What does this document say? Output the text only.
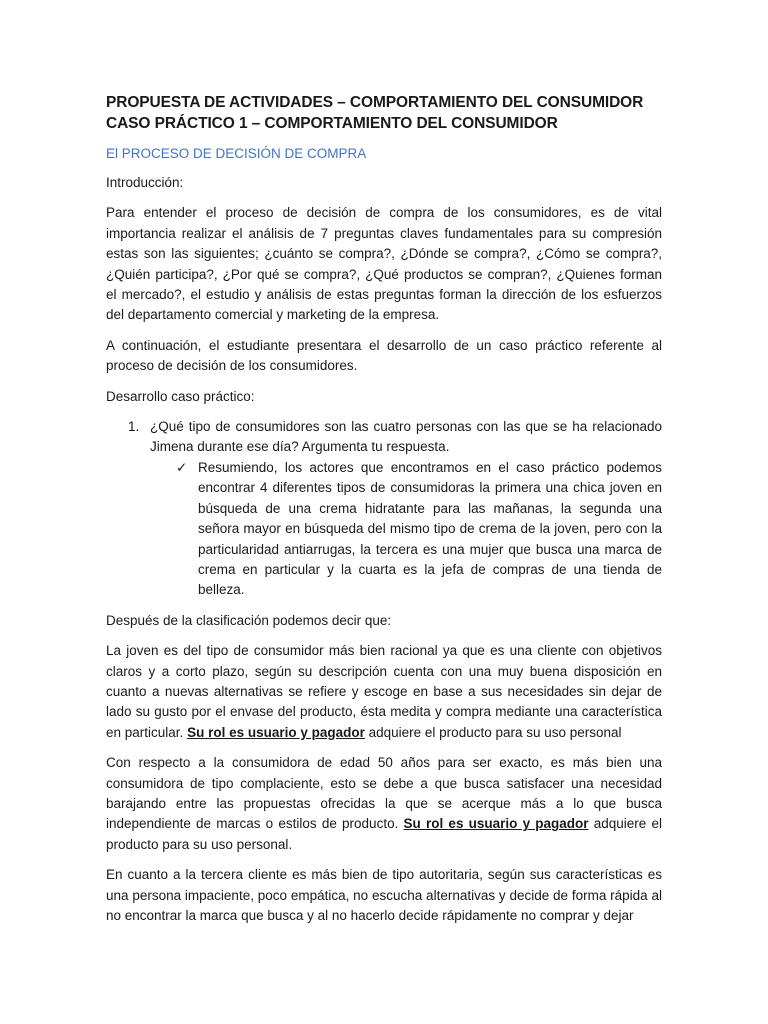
PROPUESTA DE ACTIVIDADES – COMPORTAMIENTO DEL CONSUMIDOR
CASO PRÁCTICO 1 – COMPORTAMIENTO DEL CONSUMIDOR
El PROCESO DE DECISIÓN DE COMPRA

Introducción:

Para entender el proceso de decisión de compra de los consumidores, es de vital importancia realizar el análisis de 7 preguntas claves fundamentales para su compresión estas son las siguientes; ¿cuánto se compra?, ¿Dónde se compra?, ¿Cómo se compra?, ¿Quién participa?, ¿Por qué se compra?, ¿Qué productos se compran?, ¿Quienes forman el mercado?, el estudio y análisis de estas preguntas forman la dirección de los esfuerzos del departamento comercial y marketing de la empresa.

A continuación, el estudiante presentara el desarrollo de un caso práctico referente al proceso de decisión de los consumidores.

Desarrollo caso práctico:

1. ¿Qué tipo de consumidores son las cuatro personas con las que se ha relacionado Jimena durante ese día? Argumenta tu respuesta.
✓ Resumiendo, los actores que encontramos en el caso práctico podemos encontrar 4 diferentes tipos de consumidoras la primera una chica joven en búsqueda de una crema hidratante para las mañanas, la segunda una señora mayor en búsqueda del mismo tipo de crema de la joven, pero con la particularidad antiarrugas, la tercera es una mujer que busca una marca de crema en particular y la cuarta es la jefa de compras de una tienda de belleza.

Después de la clasificación podemos decir que:

La joven es del tipo de consumidor más bien racional ya que es una cliente con objetivos claros y a corto plazo, según su descripción cuenta con una muy buena disposición en cuanto a nuevas alternativas se refiere y escoge en base a sus necesidades sin dejar de lado su gusto por el envase del producto, ésta medita y compra mediante una característica en particular. Su rol es usuario y pagador adquiere el producto para su uso personal

Con respecto a la consumidora de edad 50 años para ser exacto, es más bien una consumidora de tipo complaciente, esto se debe a que busca satisfacer una necesidad barajando entre las propuestas ofrecidas la que se acerque más a lo que busca independiente de marcas o estilos de producto. Su rol es usuario y pagador adquiere el producto para su uso personal.

En cuanto a la tercera cliente es más bien de tipo autoritaria, según sus características es una persona impaciente, poco empática, no escucha alternativas y decide de forma rápida al no encontrar la marca que busca y al no hacerlo decide rápidamente no comprar y dejar
